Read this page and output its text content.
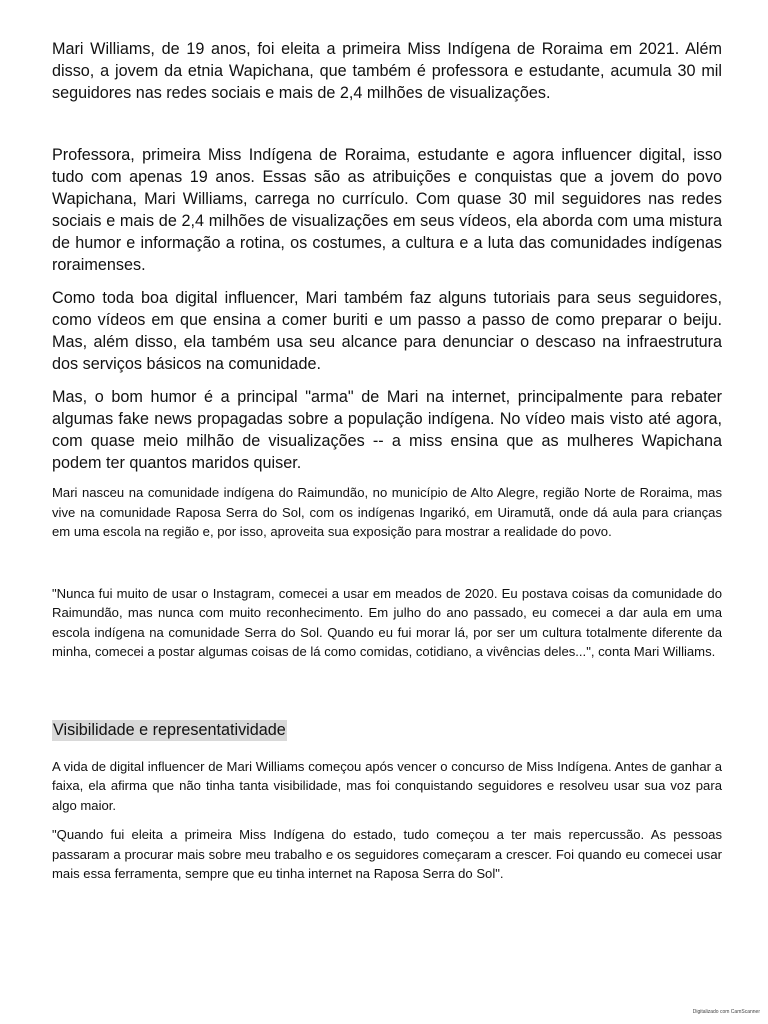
Mari Williams, de 19 anos, foi eleita a primeira Miss Indígena de Roraima em 2021. Além disso, a jovem da etnia Wapichana, que também é professora e estudante, acumula 30 mil seguidores nas redes sociais e mais de 2,4 milhões de visualizações.

Professora, primeira Miss Indígena de Roraima, estudante e agora influencer digital, isso tudo com apenas 19 anos. Essas são as atribuições e conquistas que a jovem do povo Wapichana, Mari Williams, carrega no currículo. Com quase 30 mil seguidores nas redes sociais e mais de 2,4 milhões de visualizações em seus vídeos, ela aborda com uma mistura de humor e informação a rotina, os costumes, a cultura e a luta das comunidades indígenas roraimenses.

Como toda boa digital influencer, Mari também faz alguns tutoriais para seus seguidores, como vídeos em que ensina a comer buriti e um passo a passo de como preparar o beiju. Mas, além disso, ela também usa seu alcance para denunciar o descaso na infraestrutura dos serviços básicos na comunidade.

Mas, o bom humor é a principal "arma" de Mari na internet, principalmente para rebater algumas fake news propagadas sobre a população indígena. No vídeo mais visto até agora, com quase meio milhão de visualizações -- a miss ensina que as mulheres Wapichana podem ter quantos maridos quiser.

Mari nasceu na comunidade indígena do Raimundão, no município de Alto Alegre, região Norte de Roraima, mas vive na comunidade Raposa Serra do Sol, com os indígenas Ingarikó, em Uiramutã, onde dá aula para crianças em uma escola na região e, por isso, aproveita sua exposição para mostrar a realidade do povo.

"Nunca fui muito de usar o Instagram, comecei a usar em meados de 2020. Eu postava coisas da comunidade do Raimundão, mas nunca com muito reconhecimento. Em julho do ano passado, eu comecei a dar aula em uma escola indígena na comunidade Serra do Sol. Quando eu fui morar lá, por ser um cultura totalmente diferente da minha, comecei a postar algumas coisas de lá como comidas, cotidiano, a vivências deles...", conta Mari Williams.

Visibilidade e representatividade

A vida de digital influencer de Mari Williams começou após vencer o concurso de Miss Indígena. Antes de ganhar a faixa, ela afirma que não tinha tanta visibilidade, mas foi conquistando seguidores e resolveu usar sua voz para algo maior.

"Quando fui eleita a primeira Miss Indígena do estado, tudo começou a ter mais repercussão. As pessoas passaram a procurar mais sobre meu trabalho e os seguidores começaram a crescer. Foi quando eu comecei usar mais essa ferramenta, sempre que eu tinha internet na Raposa Serra do Sol".

Digitalizado com CamScanner
